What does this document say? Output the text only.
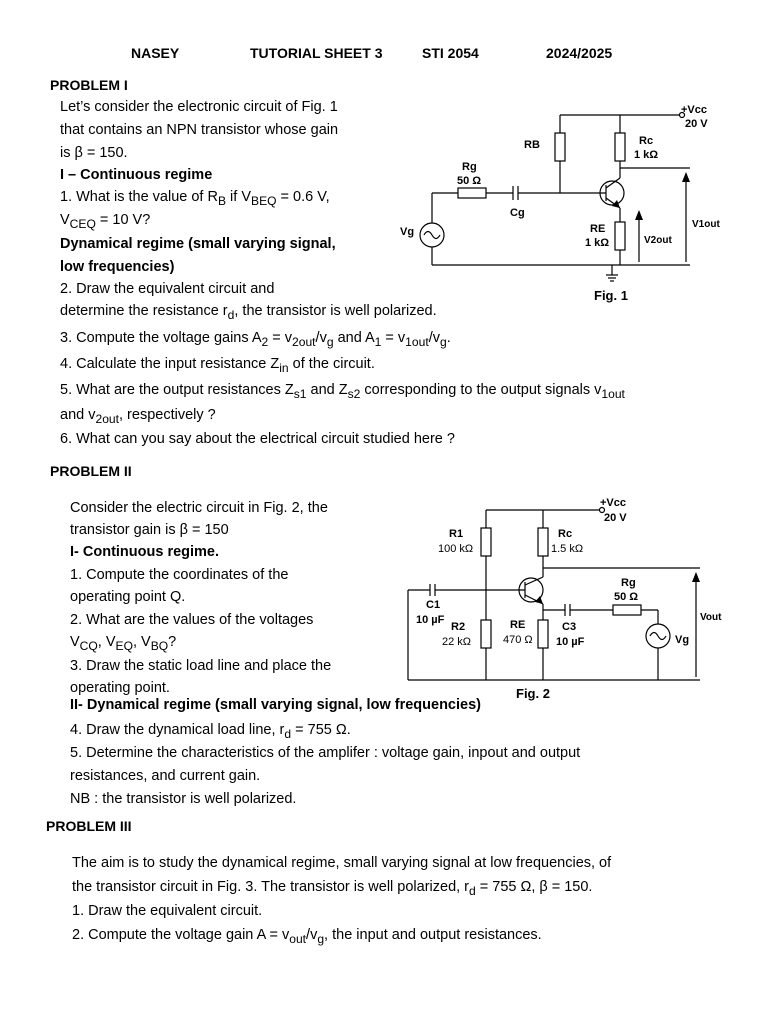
NASEY	TUTORIAL SHEET 3	STI 2054	2024/2025
PROBLEM I
Let’s consider the electronic circuit of Fig. 1
that contains an NPN transistor whose gain
is β = 150.
I – Continuous regime
1. What is the value of $R_B$ if $V_{BEQ} = 0.6$ V,
$V_{CEQ} = 10$ V?
Dynamical regime (small varying signal,
low frequencies)
2. Draw the equivalent circuit and
determine the resistance $r_d$, the transistor is well polarized.
3. Compute the voltage gains $A_2 = v_{2out}/v_g$ and $A_1 = v_{1out}/v_g$.
4. Calculate the input resistance $Z_{in}$ of the circuit.
5. What are the output resistances $Z_{s1}$ and $Z_{s2}$ corresponding to the output signals $v_{1out}$
and $v_{2out}$, respectively ?
6. What can you say about the electrical circuit studied here ?
+Vcc
20 V
RB	Rc
1 kΩ
Rg
50 Ω
Cg
Vg	RE
1 kΩ	V2out
V1out
Fig. 1
PROBLEM II
Consider the electric circuit in Fig. 2, the
transistor gain is β = 150
I- Continuous regime.
1. Compute the coordinates of the
operating point Q.
2. What are the values of the voltages
$V_{CQ}$, $V_{EQ}$, $V_{BQ}$?
3. Draw the static load line and place the
operating point.
II- Dynamical regime (small varying signal, low frequencies)
4. Draw the dynamical load line, $r_d = 755$ Ω.
5. Determine the characteristics of the amplifer : voltage gain, inpout and output
resistances, and current gain.
NB : the transistor is well polarized.
+Vcc
20 V
R1
100 kΩ
Rc
1.5 kΩ
C1
10 µF
R2
22 kΩ
RE
470 Ω
C3
10 µF
Rg
50 Ω
Vg
Vout
Fig. 2
PROBLEM III
The aim is to study the dynamical regime, small varying signal at low frequencies, of
the transistor circuit in Fig. 3. The transistor is well polarized, $r_d = 755$ Ω, β = 150.
1. Draw the equivalent circuit.
2. Compute the voltage gain $A = v_{out}/v_g$, the input and output resistances.
